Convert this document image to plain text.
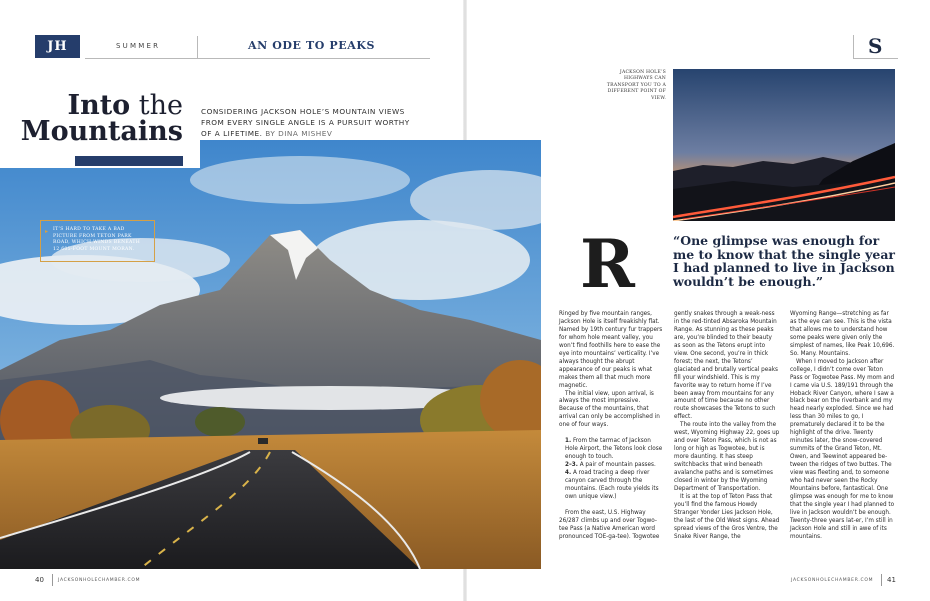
JH	SUMMER	AN ODE TO PEAKS	S
Into the
Mountains
CONSIDERING JACKSON HOLE’S MOUNTAIN VIEWS FROM EVERY SINGLE ANGLE IS A PURSUIT WORTHY OF A LIFETIME. BY DINA MISHEV
▸ IT’S HARD TO TAKE A BAD PICTURE FROM TETON PARK ROAD, WHICH WINDS BENEATH 12,605-FOOT MOUNT MORAN.
JACKSON HOLE’S HIGHWAYS CAN TRANSPORT YOU TO A DIFFERENT POINT OF VIEW.
R	“One glimpse was enough for me to know that the single year I had planned to live in Jackson wouldn’t be enough.”

Ringed by five mountain ranges, Jackson Hole is itself freakishly flat. Named by 19th century fur trappers for whom hole meant valley, you won’t find foothills here to ease the eye into mountains’ verticality. I’ve always thought the abrupt appearance of our peaks is what makes them all that much more magnetic.

The initial view, upon arrival, is always the most impressive. Because of the mountains, that arrival can only be accomplished in one of four ways.

1. From the tarmac of Jackson Hole Airport, the Tetons look close enough to touch.

2–3. A pair of mountain passes.

4. A road tracing a deep river canyon carved through the mountains. (Each route yields its own unique view.)

From the east, U.S. Highway 26/287 climbs up and over Togwo-tee Pass (a Native American word pronounced TOE-ga-tee). Togwotee

gently snakes through a weak-ness in the red-tinted Absaroka Mountain Range. As stunning as these peaks are, you’re blinded to their beauty as soon as the Tetons erupt into view. One second, you’re in thick forest; the next, the Tetons’ glaciated and brutally vertical peaks fill your windshield. This is my favorite way to return home if I’ve been away from mountains for any amount of time because no other route showcases the Tetons to such effect.

The route into the valley from the west, Wyoming Highway 22, goes up and over Teton Pass, which is not as long or high as Togwotee, but is more daunting. It has steep switchbacks that wind beneath avalanche paths and is sometimes closed in winter by the Wyoming Department of Transportation.

It is at the top of Teton Pass that you’ll find the famous Howdy Stranger Yonder Lies Jackson Hole, the last of the Old West signs. Ahead spread views of the Gros Ventre, the Snake River Range, the

Wyoming Range—stretching as far as the eye can see. This is the vista that allows me to understand how some peaks were given only the simplest of names, like Peak 10,696. So. Many. Mountains.

When I moved to Jackson after college, I didn’t come over Teton Pass or Togwotee Pass. My mom and I came via U.S. 189/191 through the Hoback River Canyon, where I saw a black bear on the riverbank and my head nearly exploded. Since we had less than 30 miles to go, I prematurely declared it to be the highlight of the drive. Twenty minutes later, the snow-covered summits of the Grand Teton, Mt. Owen, and Teewinot appeared be-tween the ridges of two buttes. The view was fleeting and, to someone who had never seen the Rocky Mountains before, fantastical. One glimpse was enough for me to know that the single year I had planned to live in Jackson wouldn’t be enough. Twenty-three years lat-er, I’m still in Jackson Hole and still in awe of its mountains.

40	JACKSONHOLECHAMBER.COM	JACKSONHOLECHAMBER.COM 41
